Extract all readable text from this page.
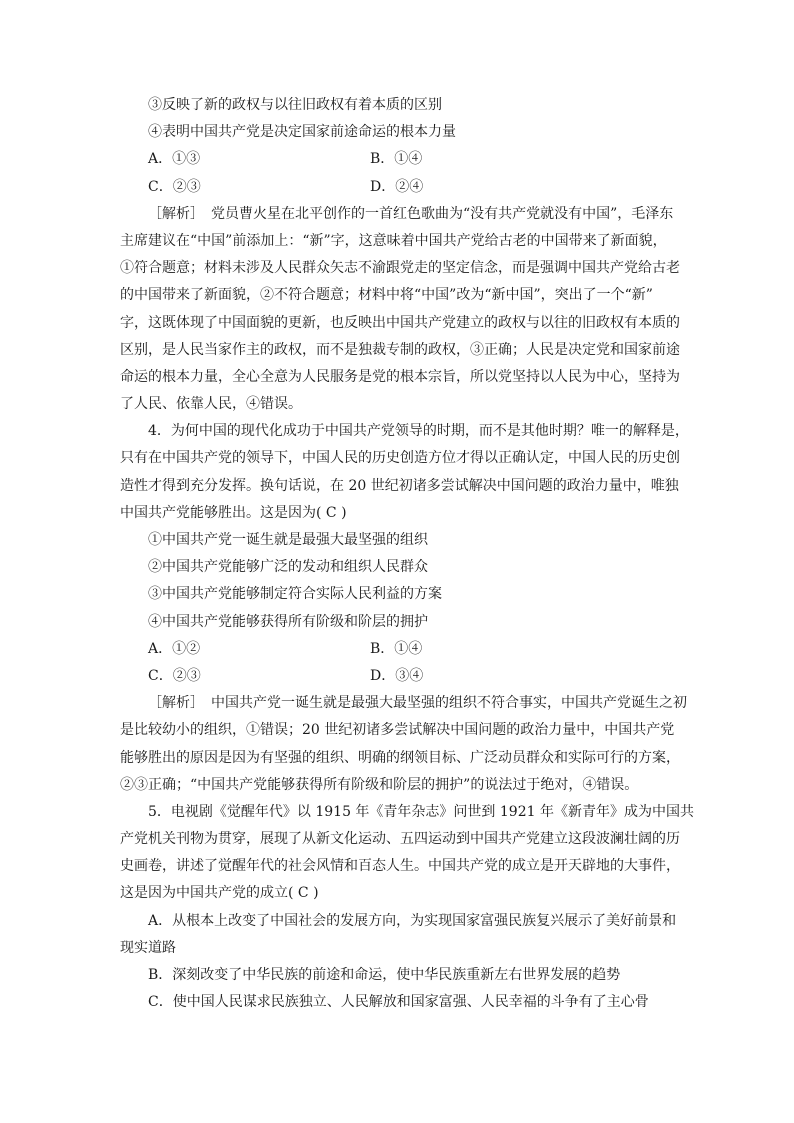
③反映了新的政权与以往旧政权有着本质的区别
④表明中国共产党是决定国家前途命运的根本力量
A．①③	B．①④
C．②③	D．②④
［解析］　党员曹火星在北平创作的一首红色歌曲为“没有共产党就没有中国”，毛泽东
主席建议在“中国”前添加上：“新”字，这意味着中国共产党给古老的中国带来了新面貌，
①符合题意；材料未涉及人民群众矢志不渝跟党走的坚定信念，而是强调中国共产党给古老
的中国带来了新面貌，②不符合题意；材料中将“中国”改为“新中国”，突出了一个“新”
字，这既体现了中国面貌的更新，也反映出中国共产党建立的政权与以往的旧政权有本质的
区别，是人民当家作主的政权，而不是独裁专制的政权，③正确；人民是决定党和国家前途
命运的根本力量，全心全意为人民服务是党的根本宗旨，所以党坚持以人民为中心，坚持为
了人民、依靠人民，④错误。
4．为何中国的现代化成功于中国共产党领导的时期，而不是其他时期？唯一的解释是，
只有在中国共产党的领导下，中国人民的历史创造方位才得以正确认定，中国人民的历史创
造性才得到充分发挥。换句话说，在 20 世纪初诸多尝试解决中国问题的政治力量中，唯独
中国共产党能够胜出。这是因为( C )
①中国共产党一诞生就是最强大最坚强的组织
②中国共产党能够广泛的发动和组织人民群众
③中国共产党能够制定符合实际人民利益的方案
④中国共产党能够获得所有阶级和阶层的拥护
A．①②	B．①④
C．②③	D．③④
［解析］　中国共产党一诞生就是最强大最坚强的组织不符合事实，中国共产党诞生之初
是比较幼小的组织，①错误；20 世纪初诸多尝试解决中国问题的政治力量中，中国共产党
能够胜出的原因是因为有坚强的组织、明确的纲领目标、广泛动员群众和实际可行的方案，
②③正确；“中国共产党能够获得所有阶级和阶层的拥护”的说法过于绝对，④错误。
5．电视剧《觉醒年代》以 1915 年《青年杂志》问世到 1921 年《新青年》成为中国共
产党机关刊物为贯穿，展现了从新文化运动、五四运动到中国共产党建立这段波澜壮阔的历
史画卷，讲述了觉醒年代的社会风情和百态人生。中国共产党的成立是开天辟地的大事件，
这是因为中国共产党的成立( C )
A．从根本上改变了中国社会的发展方向，为实现国家富强民族复兴展示了美好前景和
现实道路
B．深刻改变了中华民族的前途和命运，使中华民族重新左右世界发展的趋势
C．使中国人民谋求民族独立、人民解放和国家富强、人民幸福的斗争有了主心骨
